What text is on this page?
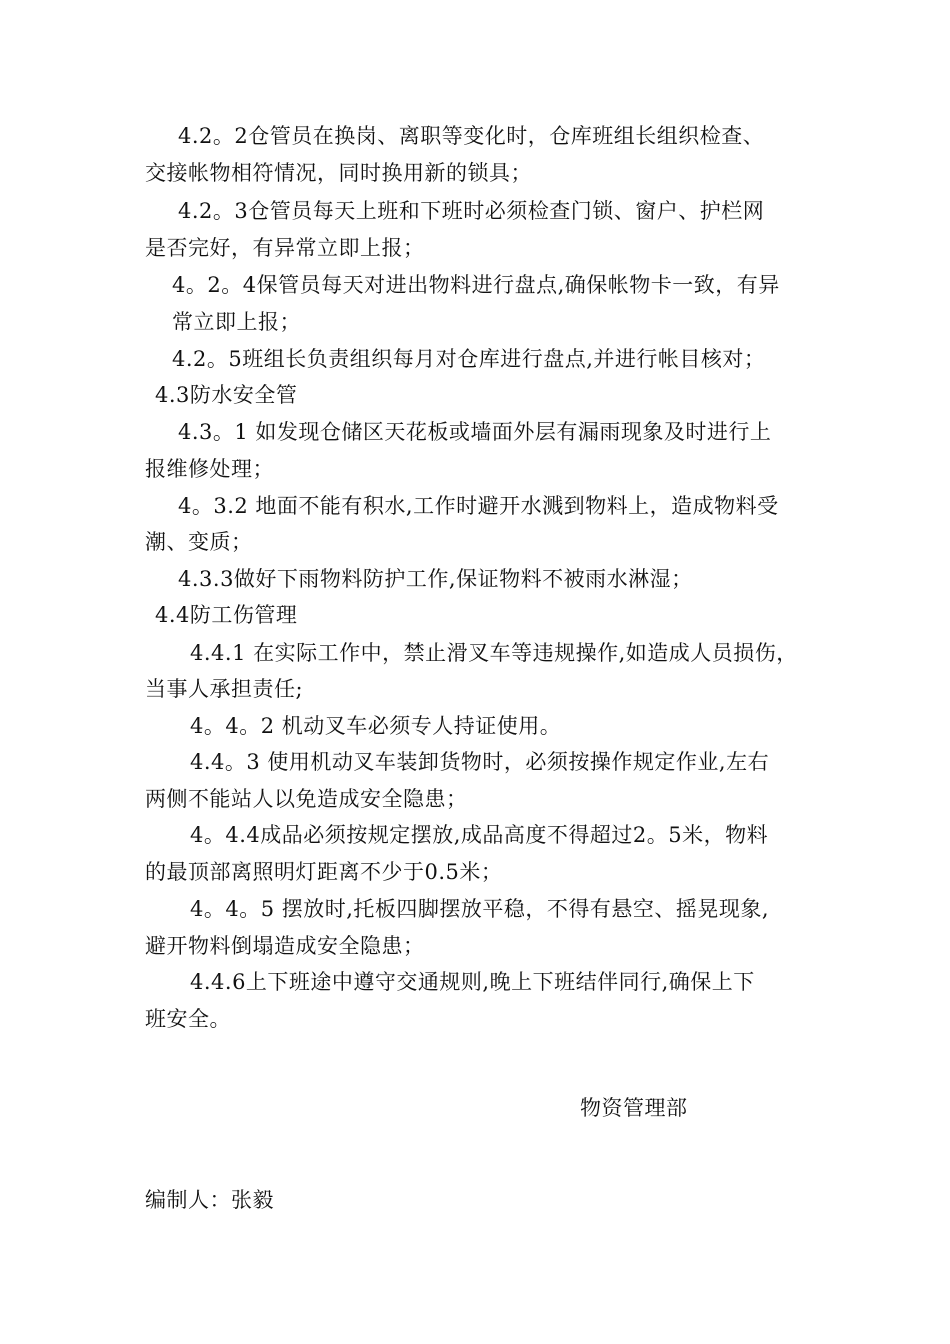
4.2。2仓管员在换岗、离职等变化时，仓库班组长组织检查、
交接帐物相符情况，同时换用新的锁具；
4.2。3仓管员每天上班和下班时必须检查门锁、窗户、护栏网
是否完好，有异常立即上报；
4。2。4保管员每天对进出物料进行盘点,确保帐物卡一致，有异
常立即上报；
4.2。5班组长负责组织每月对仓库进行盘点,并进行帐目核对；
4.3防水安全管
4.3。1 如发现仓储区天花板或墙面外层有漏雨现象及时进行上
报维修处理；
4。3.2 地面不能有积水,工作时避开水溅到物料上，造成物料受
潮、变质；
4.3.3做好下雨物料防护工作,保证物料不被雨水淋湿；
4.4防工伤管理
4.4.1 在实际工作中，禁止滑叉车等违规操作,如造成人员损伤，
当事人承担责任;
4。4。2 机动叉车必须专人持证使用。
4.4。3 使用机动叉车装卸货物时，必须按操作规定作业,左右
两侧不能站人以免造成安全隐患；
4。4.4成品必须按规定摆放,成品高度不得超过2。5米，物料
的最顶部离照明灯距离不少于0.5米；
4。4。5 摆放时,托板四脚摆放平稳，不得有悬空、摇晃现象,
避开物料倒塌造成安全隐患；
4.4.6上下班途中遵守交通规则,晚上下班结伴同行,确保上下
班安全。
物资管理部
编制人：张毅
